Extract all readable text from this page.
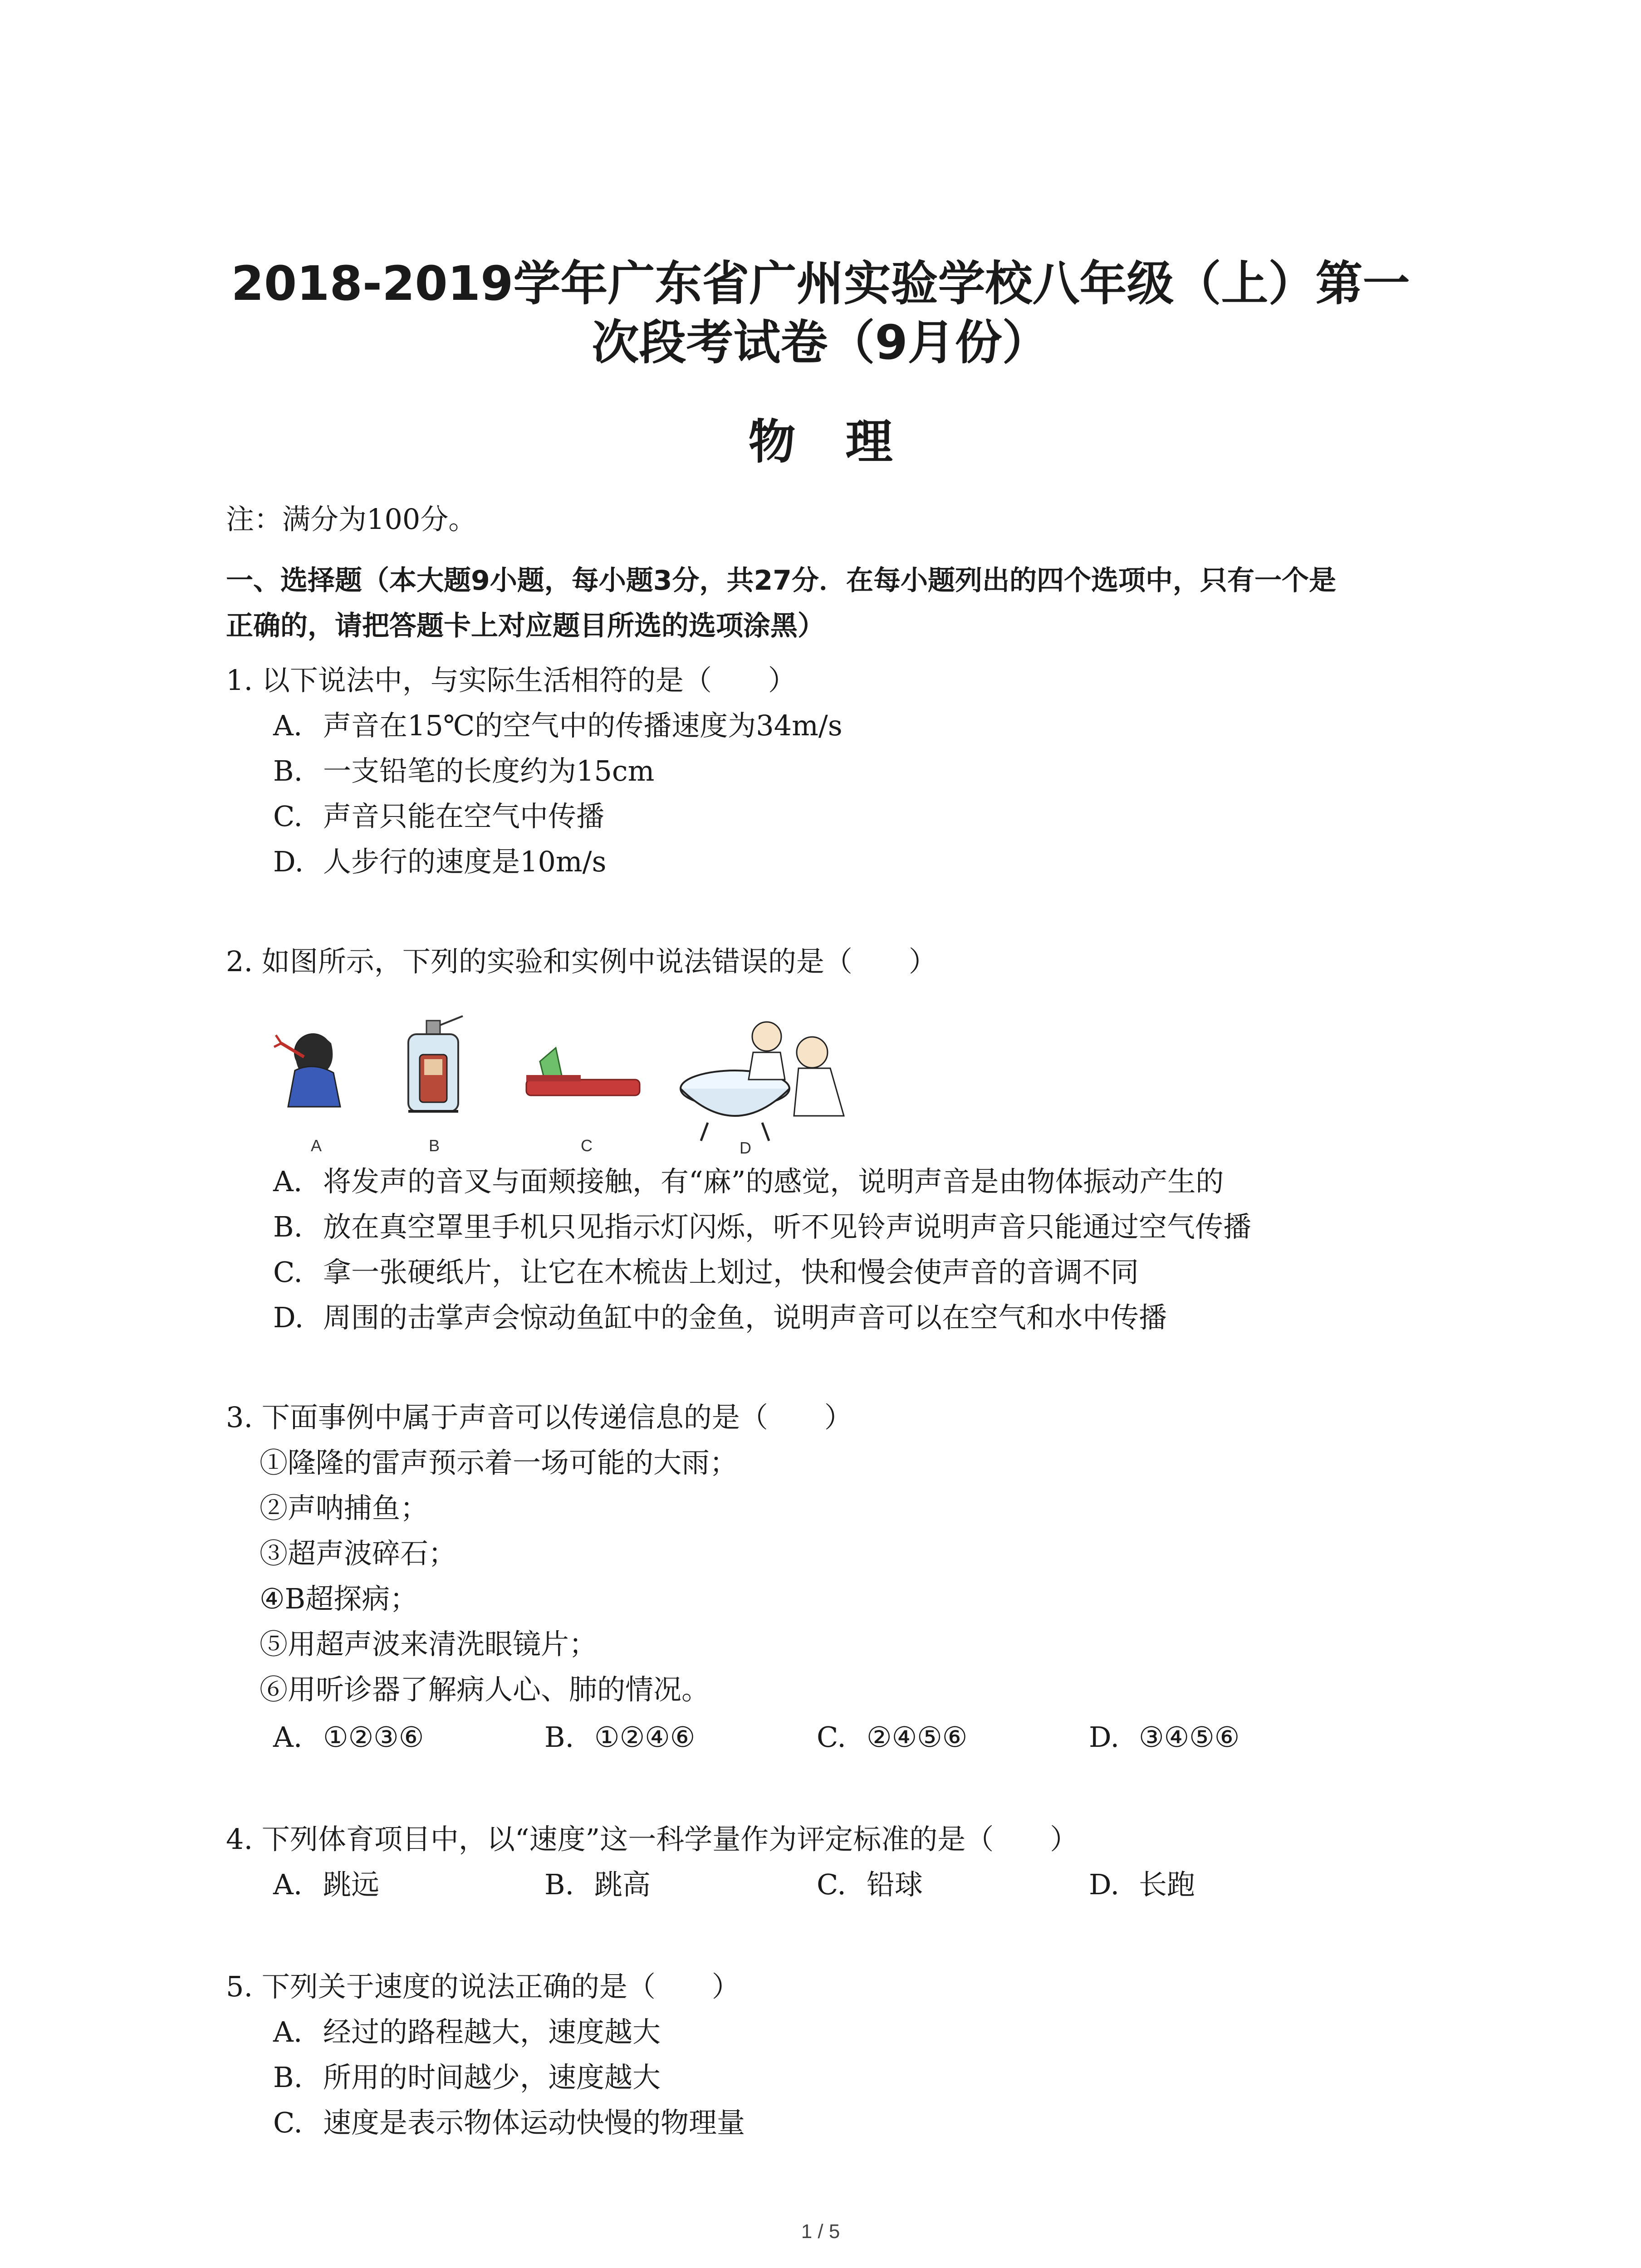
2018-2019学年广东省广州实验学校八年级（上）第一
次段考试卷（9月份）
物理
注：满分为100分。
一、选择题（本大题9小题，每小题3分，共27分．在每小题列出的四个选项中，只有一个是
正确的，请把答题卡上对应题目所选的选项涂黑）
1. 以下说法中，与实际生活相符的是（　　）
A. 声音在15℃的空气中的传播速度为34m/s
B. 一支铅笔的长度约为15cm
C. 声音只能在空气中传播
D. 人步行的速度是10m/s
2. 如图所示，下列的实验和实例中说法错误的是（　　）
A	B	C	D
A. 将发声的音叉与面颊接触，有“麻”的感觉，说明声音是由物体振动产生的
B. 放在真空罩里手机只见指示灯闪烁，听不见铃声说明声音只能通过空气传播
C. 拿一张硬纸片，让它在木梳齿上划过，快和慢会使声音的音调不同
D. 周围的击掌声会惊动鱼缸中的金鱼，说明声音可以在空气和水中传播
3. 下面事例中属于声音可以传递信息的是（　　）
①隆隆的雷声预示着一场可能的大雨；
②声呐捕鱼；
③超声波碎石；
④B超探病；
⑤用超声波来清洗眼镜片；
⑥用听诊器了解病人心、肺的情况。
A. ①②③⑥	B. ①②④⑥	C. ②④⑤⑥	D. ③④⑤⑥
4. 下列体育项目中，以“速度”这一科学量作为评定标准的是（　　）
A. 跳远	B. 跳高	C. 铅球	D. 长跑
5. 下列关于速度的说法正确的是（　　）
A. 经过的路程越大，速度越大
B. 所用的时间越少，速度越大
C. 速度是表示物体运动快慢的物理量
1 / 5
